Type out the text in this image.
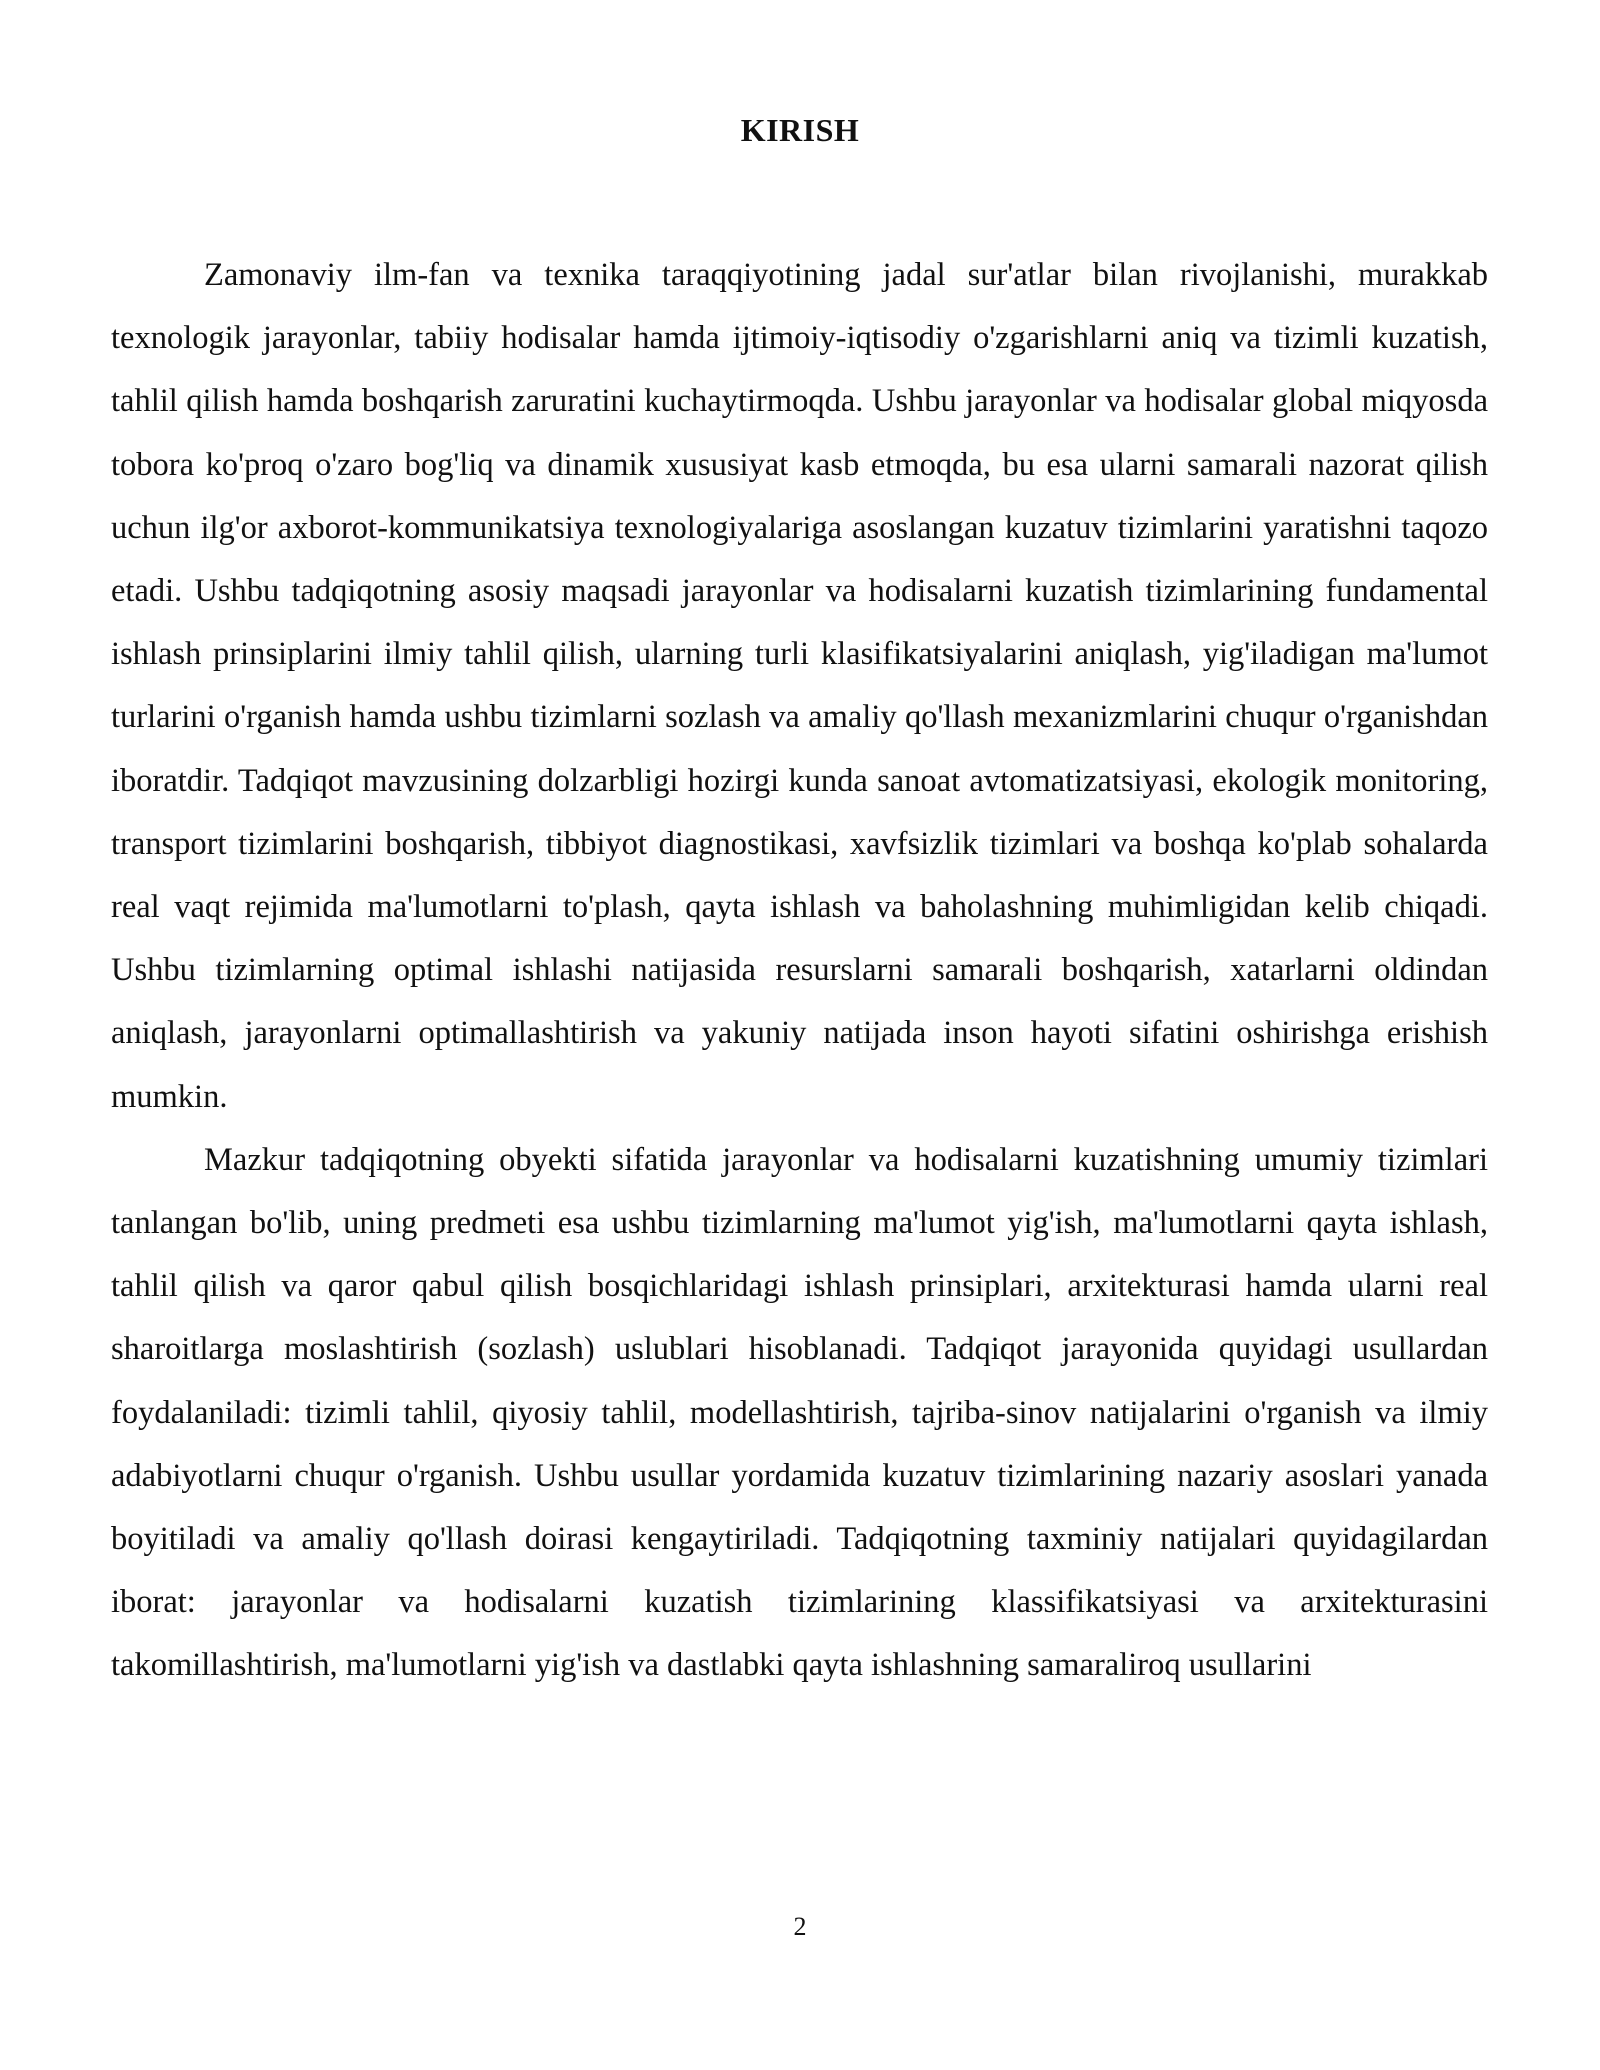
KIRISH

Zamonaviy ilm-fan va texnika taraqqiyotining jadal sur'atlar bilan rivojlanishi, murakkab texnologik jarayonlar, tabiiy hodisalar hamda ijtimoiy-iqtisodiy o'zgarishlarni aniq va tizimli kuzatish, tahlil qilish hamda boshqarish zaruratini kuchaytirmoqda. Ushbu jarayonlar va hodisalar global miqyosda tobora ko'proq o'zaro bog'liq va dinamik xususiyat kasb etmoqda, bu esa ularni samarali nazorat qilish uchun ilg'or axborot-kommunikatsiya texnologiyalariga asoslangan kuzatuv tizimlarini yaratishni taqozo etadi. Ushbu tadqiqotning asosiy maqsadi jarayonlar va hodisalarni kuzatish tizimlarining fundamental ishlash prinsiplarini ilmiy tahlil qilish, ularning turli klasifikatsiyalarini aniqlash, yig'iladigan ma'lumot turlarini o'rganish hamda ushbu tizimlarni sozlash va amaliy qo'llash mexanizmlarini chuqur o'rganishdan iboratdir. Tadqiqot mavzusining dolzarbligi hozirgi kunda sanoat avtomatizatsiyasi, ekologik monitoring, transport tizimlarini boshqarish, tibbiyot diagnostikasi, xavfsizlik tizimlari va boshqa ko'plab sohalarda real vaqt rejimida ma'lumotlarni to'plash, qayta ishlash va baholashning muhimligidan kelib chiqadi. Ushbu tizimlarning optimal ishlashi natijasida resurslarni samarali boshqarish, xatarlarni oldindan aniqlash, jarayonlarni optimallashtirish va yakuniy natijada inson hayoti sifatini oshirishga erishish mumkin.

Mazkur tadqiqotning obyekti sifatida jarayonlar va hodisalarni kuzatishning umumiy tizimlari tanlangan bo'lib, uning predmeti esa ushbu tizimlarning ma'lumot yig'ish, ma'lumotlarni qayta ishlash, tahlil qilish va qaror qabul qilish bosqichlaridagi ishlash prinsiplari, arxitekturasi hamda ularni real sharoitlarga moslashtirish (sozlash) uslublari hisoblanadi. Tadqiqot jarayonida quyidagi usullardan foydalaniladi: tizimli tahlil, qiyosiy tahlil, modellashtirish, tajriba-sinov natijalarini o'rganish va ilmiy adabiyotlarni chuqur o'rganish. Ushbu usullar yordamida kuzatuv tizimlarining nazariy asoslari yanada boyitiladi va amaliy qo'llash doirasi kengaytiriladi. Tadqiqotning taxminiy natijalari quyidagilardan iborat: jarayonlar va hodisalarni kuzatish tizimlarining klassifikatsiyasi va arxitekturasini takomillashtirish, ma'lumotlarni yig'ish va dastlabki qayta ishlashning samaraliroq usullarini

2
